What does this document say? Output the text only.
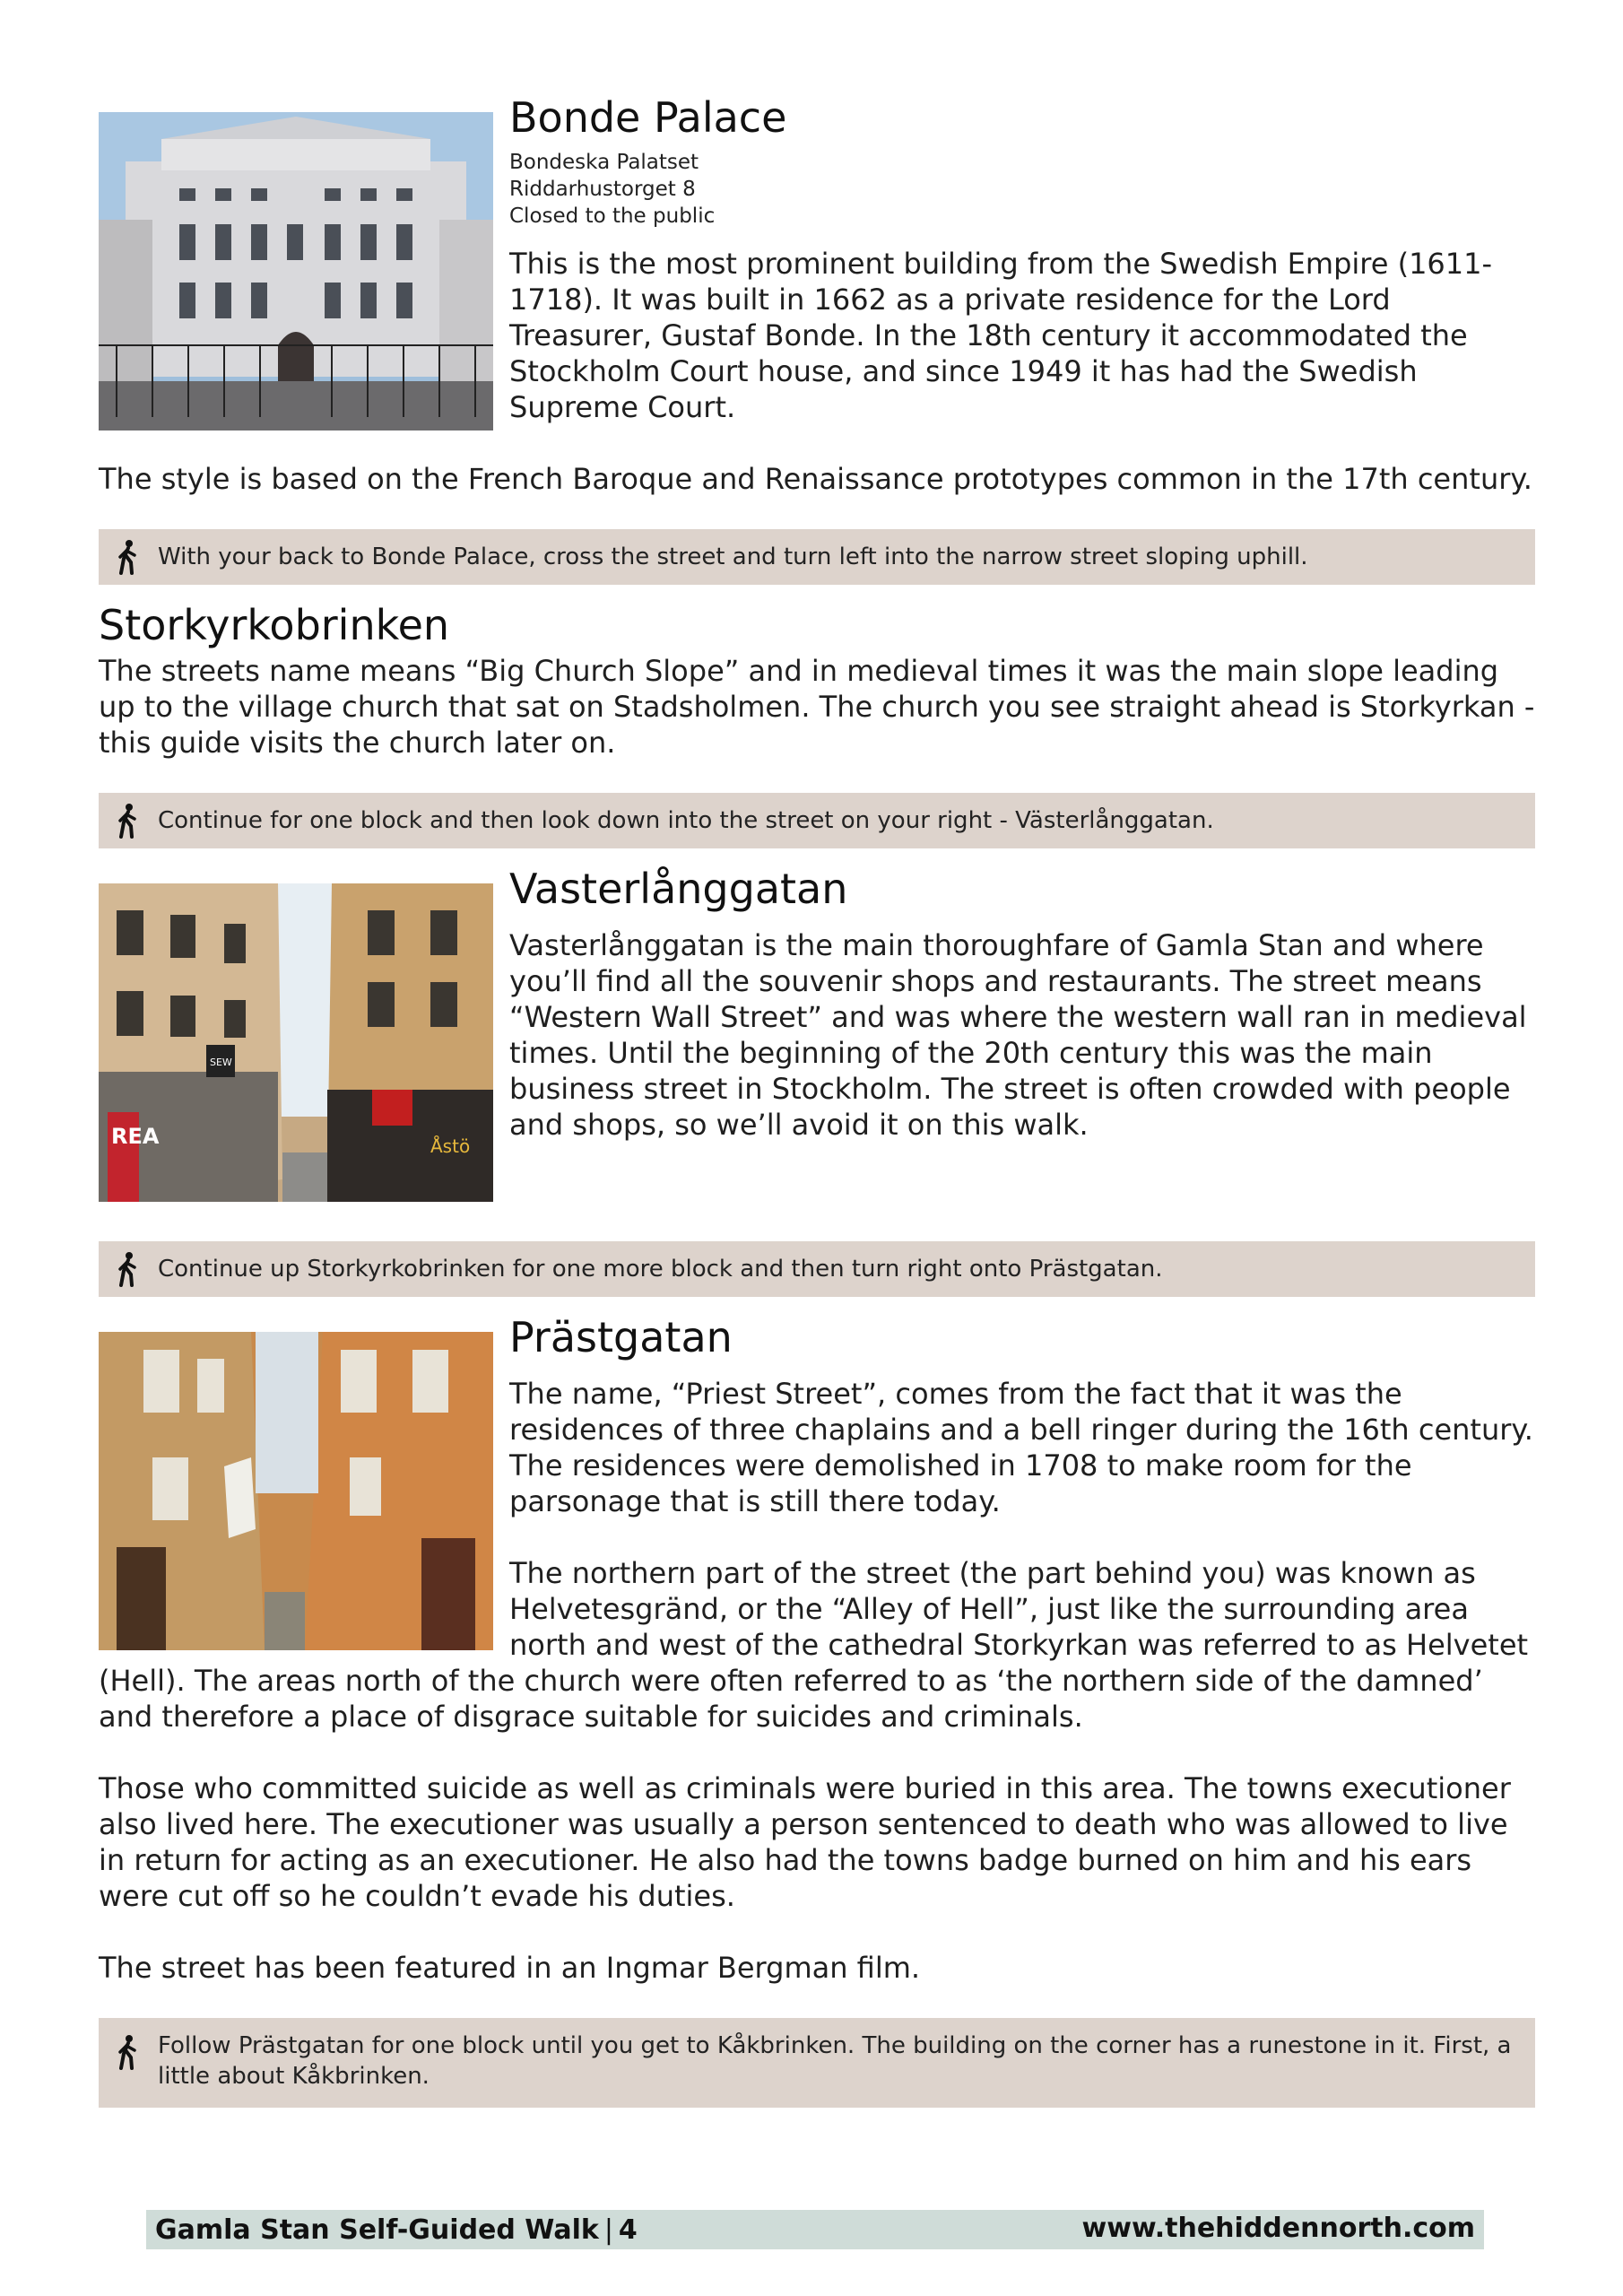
Bonde Palace
Bondeska Palatset
Riddarhustorget 8
Closed to the public

This is the most prominent building from the Swedish Empire (1611-1718). It was built in 1662 as a private residence for the Lord Treasurer, Gustaf Bonde. In the 18th century it accommodated the Stockholm Court house, and since 1949 it has had the Swedish Supreme Court.

The style is based on the French Baroque and Renaissance prototypes common in the 17th century.

With your back to Bonde Palace, cross the street and turn left into the narrow street sloping uphill.
Storkyrkobrinken

The streets name means “Big Church Slope” and in medieval times it was the main slope leading up to the village church that sat on Stadsholmen. The church you see straight ahead is Storkyrkan - this guide visits the church later on.

Continue for one block and then look down into the street on your right - Västerlånggatan.
REA
SEW
Åstö
Vasterlånggatan

Vasterlånggatan is the main thoroughfare of Gamla Stan and where you’ll find all the souvenir shops and restaurants. The street means “Western Wall Street” and was where the western wall ran in medieval times. Until the beginning of the 20th century this was the main business street in Stockholm. The street is often crowded with people and shops, so we’ll avoid it on this walk.

Continue up Storkyrkobrinken for one more block and then turn right onto Prästgatan.
Prästgatan

The name, “Priest Street”, comes from the fact that it was the residences of three chaplains and a bell ringer during the 16th century. The residences were demolished in 1708 to make room for the parsonage that is still there today.

The northern part of the street (the part behind you) was known as Helvetesgränd, or the “Alley of Hell”, just like the surrounding area north and west of the cathedral Storkyrkan was referred to as Helvetet (Hell). The areas north of the church were often referred to as ‘the northern side of the damned’ and therefore a place of disgrace suitable for suicides and criminals.

Those who committed suicide as well as criminals were buried in this area. The towns executioner also lived here. The executioner was usually a person sentenced to death who was allowed to live in return for acting as an executioner. He also had the towns badge burned on him and his ears were cut off so he couldn’t evade his duties.

The street has been featured in an Ingmar Bergman film.

Follow Prästgatan for one block until you get to Kåkbrinken. The building on the corner has a runestone in it. First, a little about Kåkbrinken.
Gamla Stan Self-Guided Walk | 4	www.thehiddennorth.com
